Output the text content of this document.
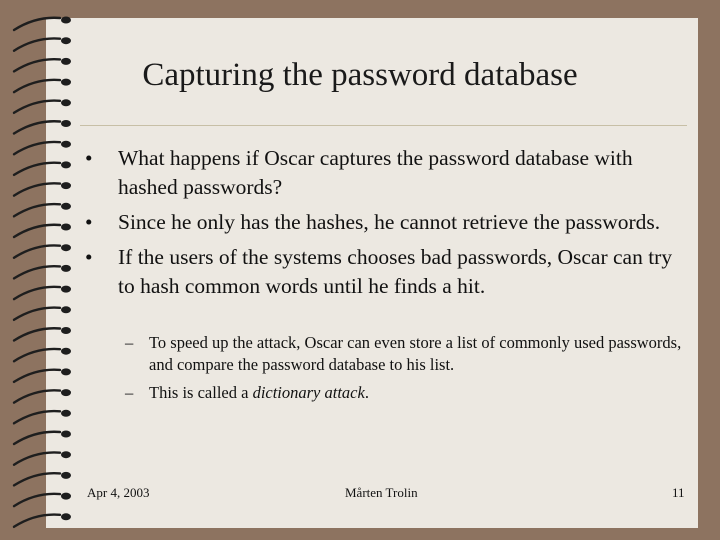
Capturing the password database
• What happens if Oscar captures the password database with hashed passwords?
• Since he only has the hashes, he cannot retrieve the passwords.
• If the users of the systems chooses bad passwords, Oscar can try to hash common words until he finds a hit.
– To speed up the attack, Oscar can even store a list of commonly used passwords, and compare the password database to his list.
– This is called a dictionary attack.
Apr 4, 2003	Mårten Trolin	11
